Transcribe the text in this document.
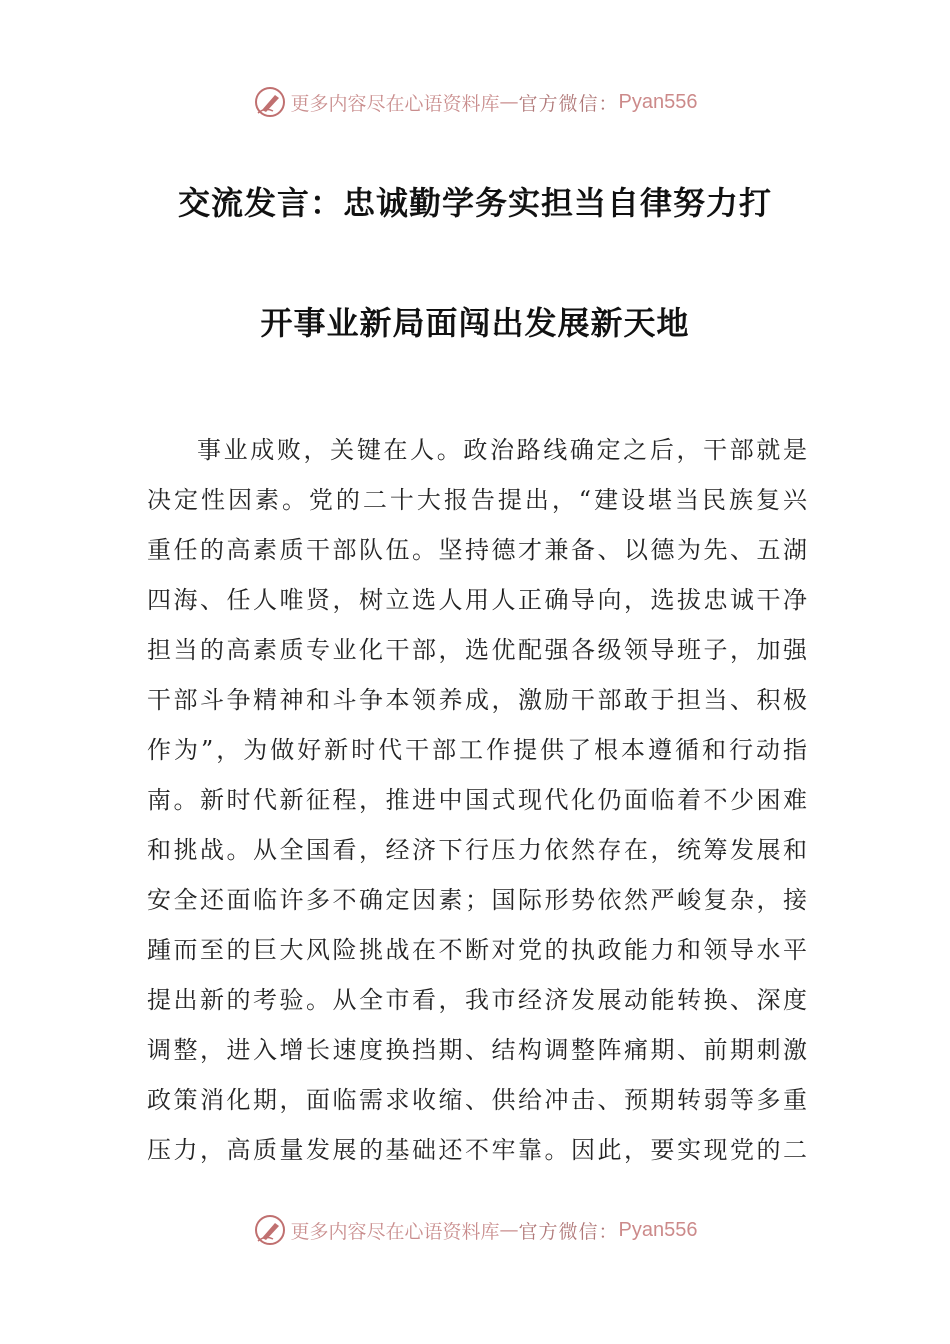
更多内容尽在心语资料库 — 官方微信： Pyan556
交流发言：忠诚勤学务实担当自律努力打
开事业新局面闯出发展新天地
事业成败，关键在人。政治路线确定之后，干部就是
决定性因素。党的二十大报告提出，“建设堪当民族复兴
重任的高素质干部队伍。坚持德才兼备、以德为先、五湖
四海、任人唯贤，树立选人用人正确导向，选拔忠诚干净
担当的高素质专业化干部，选优配强各级领导班子，加强
干部斗争精神和斗争本领养成，激励干部敢于担当、积极
作为”，为做好新时代干部工作提供了根本遵循和行动指
南。新时代新征程，推进中国式现代化仍面临着不少困难
和挑战。从全国看，经济下行压力依然存在，统筹发展和
安全还面临许多不确定因素；国际形势依然严峻复杂，接
踵而至的巨大风险挑战在不断对党的执政能力和领导水平
提出新的考验。从全市看，我市经济发展动能转换、深度
调整，进入增长速度换挡期、结构调整阵痛期、前期刺激
政策消化期，面临需求收缩、供给冲击、预期转弱等多重
压力，高质量发展的基础还不牢靠。因此，要实现党的二
更多内容尽在心语资料库 — 官方微信： Pyan556
